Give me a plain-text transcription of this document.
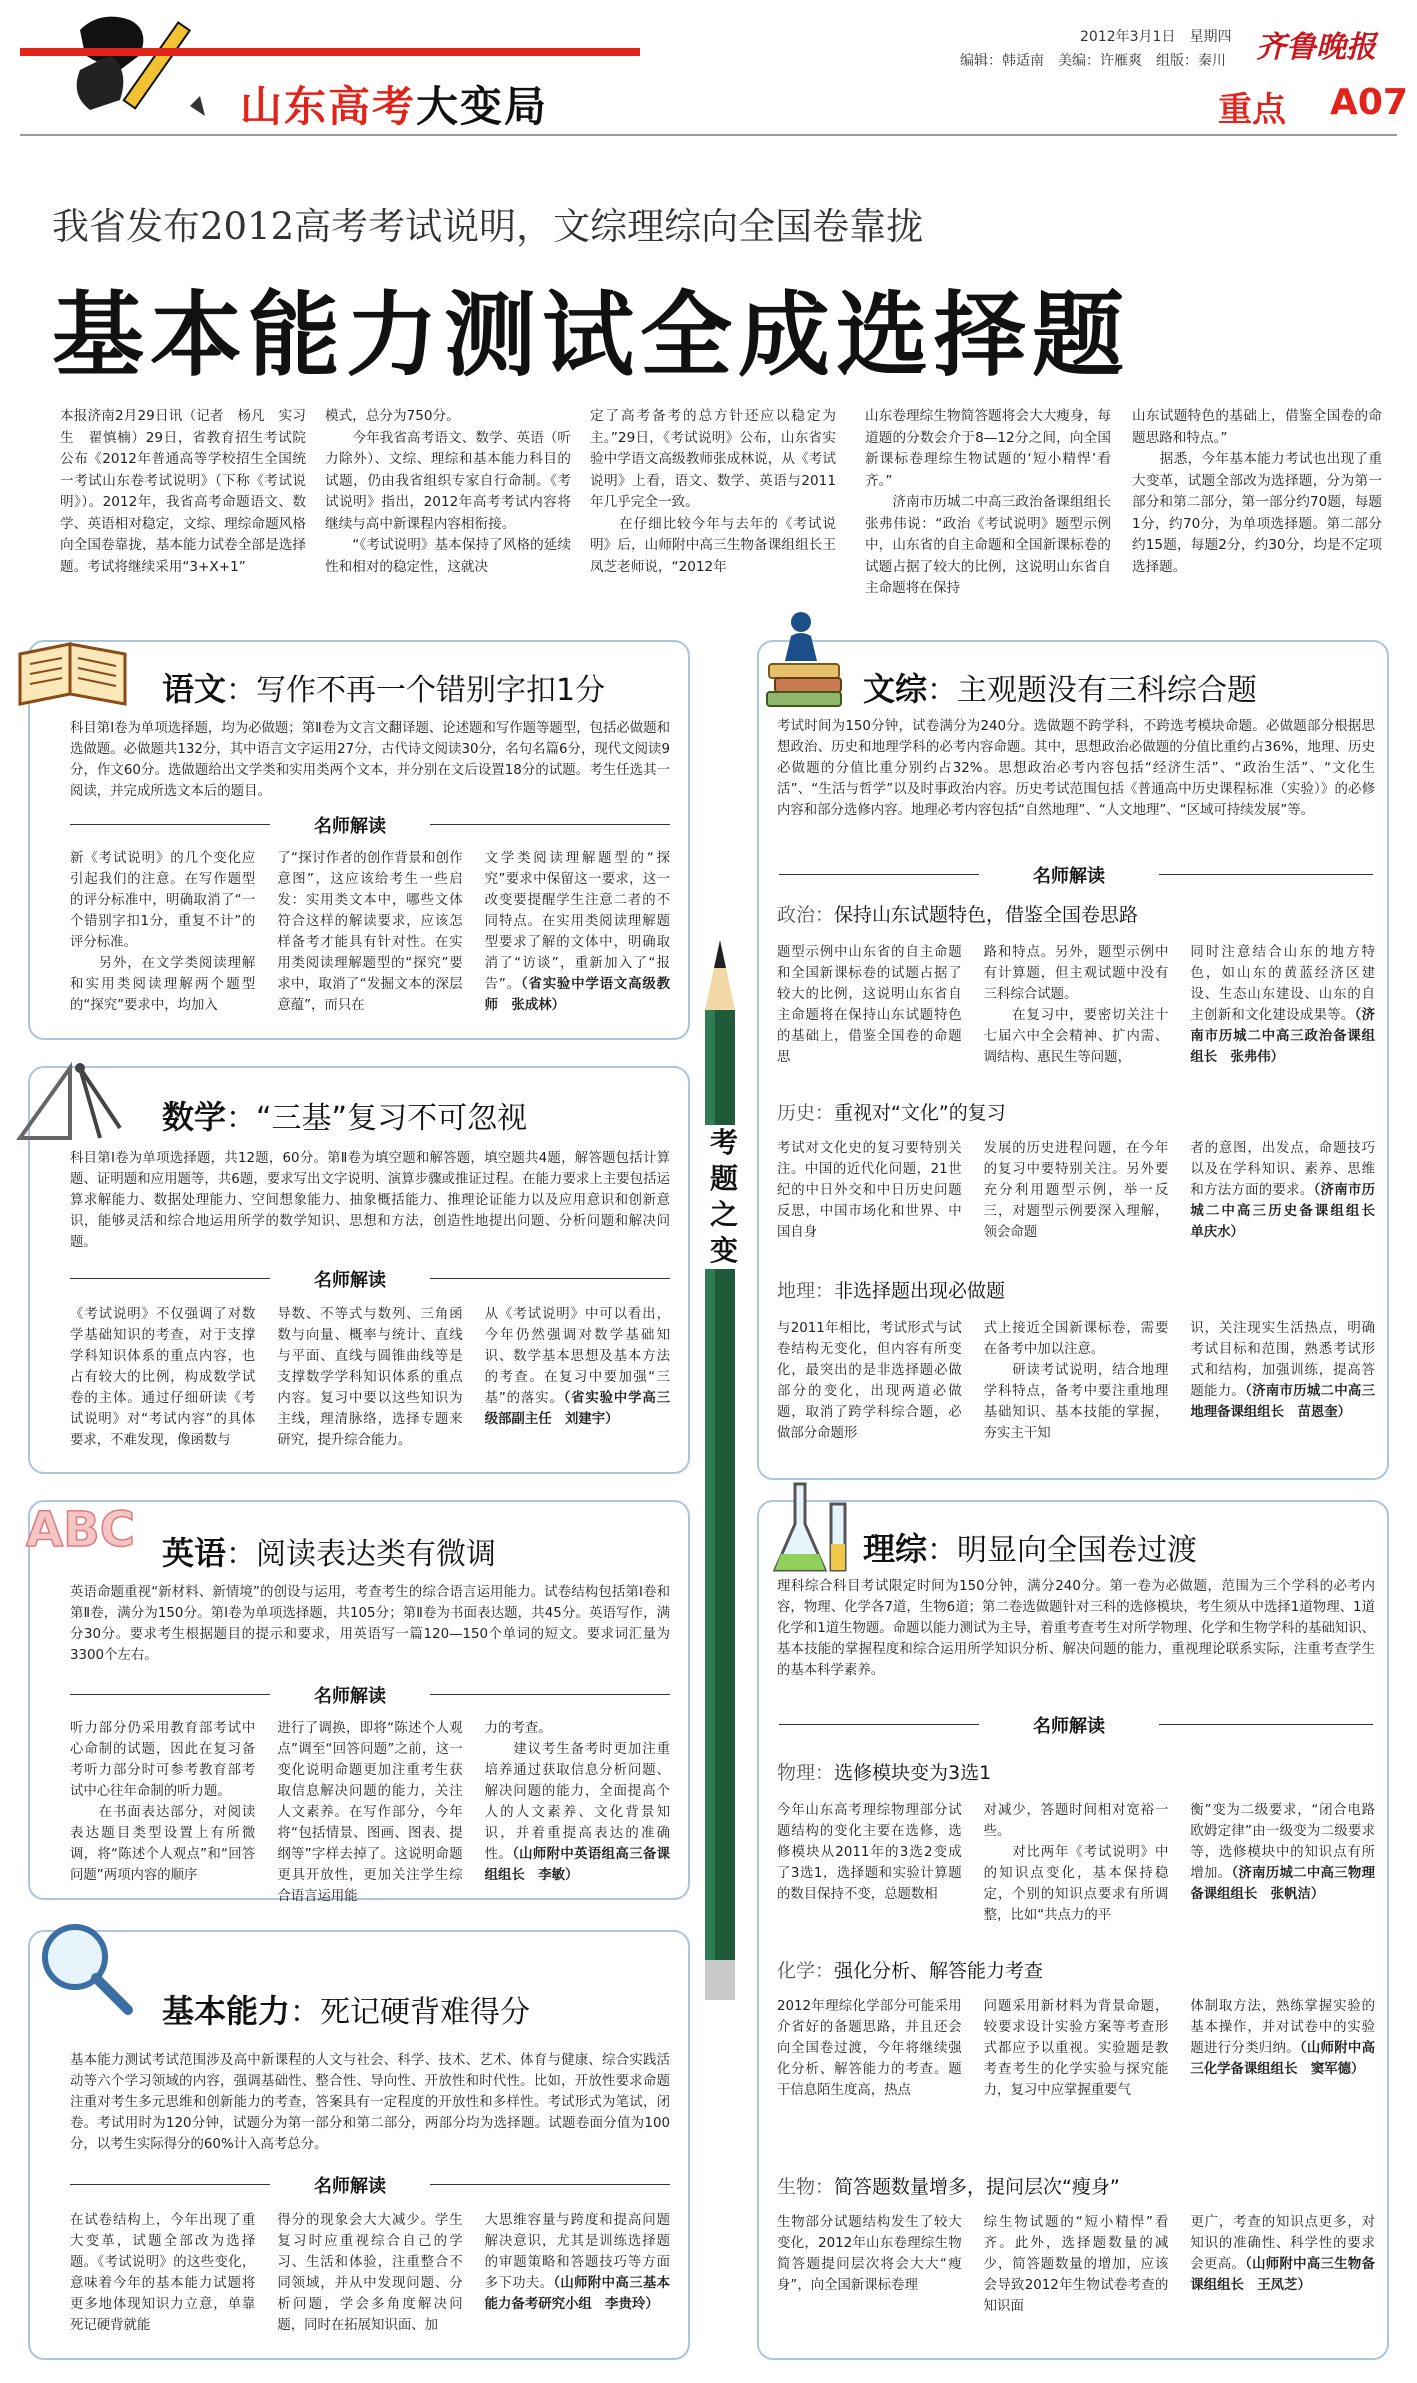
山东高考大变局
2012年3月1日　星期四
编辑：韩适南　美编：许雁爽　组版：秦川 齐鲁晚报
重点 A07
我省发布2012高考考试说明，文综理综向全国卷靠拢
基本能力测试全成选择题
本报济南2月29日讯（记者　杨凡　实习生　翟慎楠）29日，省教育招生考试院公布《2012年普通高等学校招生全国统一考试山东卷考试说明》（下称《考试说明》）。2012年，我省高考命题语文、数学、英语相对稳定，文综、理综命题风格向全国卷靠拢，基本能力试卷全部是选择题。考试将继续采用“3+X+1”
模式，总分为750分。
　　今年我省高考语文、数学、英语（听力除外）、文综、理综和基本能力科目的试题，仍由我省组织专家自行命制。《考试说明》指出，2012年高考考试内容将继续与高中新课程内容相衔接。
　　“《考试说明》基本保持了风格的延续性和相对的稳定性，这就决
定了高考备考的总方针还应以稳定为主。”29日，《考试说明》公布，山东省实验中学语文高级教师张成林说，从《考试说明》上看，语文、数学、英语与2011年几乎完全一致。
　　在仔细比较今年与去年的《考试说明》后，山师附中高三生物备课组组长王凤芝老师说，“2012年
山东卷理综生物简答题将会大大瘦身，每道题的分数会介于8—12分之间，向全国新课标卷理综生物试题的‘短小精悍’看齐。”
　　济南市历城二中高三政治备课组组长张弗伟说：“政治《考试说明》题型示例中，山东省的自主命题和全国新课标卷的试题占据了较大的比例，这说明山东省自主命题将在保持
山东试题特色的基础上，借鉴全国卷的命题思路和特点。”
　　据悉，今年基本能力考试也出现了重大变革，试题全部改为选择题，分为第一部分和第二部分，第一部分约70题，每题1分，约70分，为单项选择题。第二部分约15题，每题2分，约30分，均是不定项选择题。
语文：写作不再一个错别字扣1分
科目第Ⅰ卷为单项选择题，均为必做题；第Ⅱ卷为文言文翻译题、论述题和写作题等题型，包括必做题和选做题。必做题共132分，其中语言文字运用27分，古代诗文阅读30分，名句名篇6分，现代文阅读9分，作文60分。选做题给出文学类和实用类两个文本，并分别在文后设置18分的试题。考生任选其一阅读，并完成所选文本后的题目。
名师解读
新《考试说明》的几个变化应引起我们的注意。在写作题型的评分标准中，明确取消了“一个错别字扣1分，重复不计”的评分标准。
　　另外，在文学类阅读理解和实用类阅读理解两个题型的“探究”要求中，均加入
了“探讨作者的创作背景和创作意图”，这应该给考生一些启发：实用类文本中，哪些文体符合这样的解读要求，应该怎样备考才能具有针对性。在实用类阅读理解题型的“探究”要求中，取消了“发掘文本的深层意蕴”，而只在
文学类阅读理解题型的“探究”要求中保留这一要求，这一改变要提醒学生注意二者的不同特点。在实用类阅读理解题型要求了解的文体中，明确取消了“访谈”，重新加入了“报告”。（省实验中学语文高级教师　张成林）
数学：“三基”复习不可忽视
科目第Ⅰ卷为单项选择题，共12题，60分。第Ⅱ卷为填空题和解答题，填空题共4题，解答题包括计算题、证明题和应用题等，共6题，要求写出文字说明、演算步骤或推证过程。在能力要求上主要包括运算求解能力、数据处理能力、空间想象能力、抽象概括能力、推理论证能力以及应用意识和创新意识，能够灵活和综合地运用所学的数学知识、思想和方法，创造性地提出问题、分析问题和解决问题。
名师解读
《考试说明》不仅强调了对数学基础知识的考查，对于支撑学科知识体系的重点内容，也占有较大的比例，构成数学试卷的主体。通过仔细研读《考试说明》对“考试内容”的具体要求，不难发现，像函数与
导数、不等式与数列、三角函数与向量、概率与统计、直线与平面、直线与圆锥曲线等是支撑数学学科知识体系的重点内容。复习中要以这些知识为主线，理清脉络，选择专题来研究，提升综合能力。
从《考试说明》中可以看出，今年仍然强调对数学基础知识、数学基本思想及基本方法的考查。在复习中要加强“三基”的落实。（省实验中学高三级部副主任　刘建宇）
ABC 英语：阅读表达类有微调
英语命题重视“新材料、新情境”的创设与运用，考查考生的综合语言运用能力。试卷结构包括第Ⅰ卷和第Ⅱ卷，满分为150分。第Ⅰ卷为单项选择题，共105分；第Ⅱ卷为书面表达题，共45分。英语写作，满分30分。要求考生根据题目的提示和要求，用英语写一篇120—150个单词的短文。要求词汇量为3300个左右。
名师解读
听力部分仍采用教育部考试中心命制的试题，因此在复习备考听力部分时可参考教育部考试中心往年命制的听力题。
　　在书面表达部分，对阅读表达题目类型设置上有所微调，将“陈述个人观点”和“回答问题”两项内容的顺序
进行了调换，即将“陈述个人观点”调至“回答问题”之前，这一变化说明命题更加注重考生获取信息解决问题的能力，关注人文素养。在写作部分，今年将“包括情景、图画、图表、提纲等”字样去掉了。这说明命题更具开放性，更加关注学生综合语言运用能
力的考查。
　　建议考生备考时更加注重培养通过获取信息分析问题、解决问题的能力，全面提高个人的人文素养、文化背景知识，并着重提高表达的准确性。（山师附中英语组高三备课组组长　李敏）
基本能力：死记硬背难得分
基本能力测试考试范围涉及高中新课程的人文与社会、科学、技术、艺术、体育与健康、综合实践活动等六个学习领域的内容，强调基础性、整合性、导向性、开放性和时代性。比如，开放性要求命题注重对考生多元思维和创新能力的考查，答案具有一定程度的开放性和多样性。考试形式为笔试，闭卷。考试用时为120分钟，试题分为第一部分和第二部分，两部分均为选择题。试题卷面分值为100分，以考生实际得分的60%计入高考总分。
名师解读
在试卷结构上，今年出现了重大变革，试题全部改为选择题。《考试说明》的这些变化，意味着今年的基本能力试题将更多地体现知识力立意，单靠死记硬背就能
得分的现象会大大减少。学生复习时应重视综合自己的学习、生活和体验，注重整合不同领域，并从中发现问题、分析问题，学会多角度解决问题，同时在拓展知识面、加
大思维容量与跨度和提高问题解决意识，尤其是训练选择题的审题策略和答题技巧等方面多下功夫。（山师附中高三基本能力备考研究小组　李贵玲）
考题之变
文综：主观题没有三科综合题
考试时间为150分钟，试卷满分为240分。选做题不跨学科，不跨选考模块命题。必做题部分根据思想政治、历史和地理学科的必考内容命题。其中，思想政治必做题的分值比重约占36%，地理、历史必做题的分值比重分别约占32%。思想政治必考内容包括“经济生活”、“政治生活”、“文化生活”、“生活与哲学”以及时事政治内容。历史考试范围包括《普通高中历史课程标准（实验）》的必修内容和部分选修内容。地理必考内容包括“自然地理”、“人文地理”、“区域可持续发展”等。
名师解读
政治：保持山东试题特色，借鉴全国卷思路
题型示例中山东省的自主命题和全国新课标卷的试题占据了较大的比例，这说明山东省自主命题将在保持山东试题特色的基础上，借鉴全国卷的命题思
路和特点。另外，题型示例中有计算题，但主观试题中没有三科综合试题。
　　在复习中，要密切关注十七届六中全会精神、扩内需、调结构、惠民生等问题，
同时注意结合山东的地方特色，如山东的黄蓝经济区建设、生态山东建设、山东的自主创新和文化建设成果等。（济南市历城二中高三政治备课组组长　张弗伟）
历史：重视对“文化”的复习
考试对文化史的复习要特别关注。中国的近代化问题，21世纪的中日外交和中日历史问题反思，中国市场化和世界、中国自身
发展的历史进程问题，在今年的复习中要特别关注。另外要充分利用题型示例，举一反三，对题型示例要深入理解，领会命题
者的意图，出发点，命题技巧以及在学科知识、素养、思维和方法方面的要求。（济南市历城二中高三历史备课组组长　单庆水）
地理：非选择题出现必做题
与2011年相比，考试形式与试卷结构无变化，但内容有所变化，最突出的是非选择题必做部分的变化，出现两道必做题，取消了跨学科综合题，必做部分命题形
式上接近全国新课标卷，需要在备考中加以注意。
　　研读考试说明，结合地理学科特点，备考中要注重地理基础知识、基本技能的掌握，夯实主干知
识，关注现实生活热点，明确考试目标和范围，熟悉考试形式和结构，加强训练，提高答题能力。（济南市历城二中高三地理备课组组长　苗恩奎）
理综：明显向全国卷过渡
理科综合科目考试限定时间为150分钟，满分240分。第一卷为必做题，范围为三个学科的必考内容，物理、化学各7道，生物6道；第二卷选做题针对三科的选修模块，考生须从中选择1道物理、1道化学和1道生物题。命题以能力测试为主导，着重考查考生对所学物理、化学和生物学科的基础知识、基本技能的掌握程度和综合运用所学知识分析、解决问题的能力，重视理论联系实际，注重考查学生的基本科学素养。
名师解读
物理：选修模块变为3选1
今年山东高考理综物理部分试题结构的变化主要在选修，选修模块从2011年的3选2变成了3选1，选择题和实验计算题的数目保持不变，总题数相
对减少，答题时间相对宽裕一些。
　　对比两年《考试说明》中的知识点变化，基本保持稳定，个别的知识点要求有所调整，比如“共点力的平
衡”变为二级要求，“闭合电路欧姆定律”由一级变为二级要求等，选修模块中的知识点有所增加。（济南历城二中高三物理备课组组长　张帆洁）
化学：强化分析、解答能力考查
2012年理综化学部分可能采用介省好的备题思路，并且还会向全国卷过渡，今年将继续强化分析、解答能力的考查。题干信息陌生度高，热点
问题采用新材料为背景命题，较要求设计实验方案等考查形式都应予以重视。实验题是教考查考生的化学实验与探究能力，复习中应掌握重要气
体制取方法，熟练掌握实验的基本操作，并对试卷中的实验题进行分类归纳。（山师附中高三化学备课组组长　窦军德）
生物：简答题数量增多，提问层次“瘦身”
生物部分试题结构发生了较大变化，2012年山东卷理综生物简答题提问层次将会大大“瘦身”，向全国新课标卷理
综生物试题的“短小精悍”看齐。此外，选择题数量的减少，简答题数量的增加，应该会导致2012年生物试卷考查的知识面
更广，考查的知识点更多，对知识的准确性、科学性的要求会更高。（山师附中高三生物备课组组长　王凤芝）
